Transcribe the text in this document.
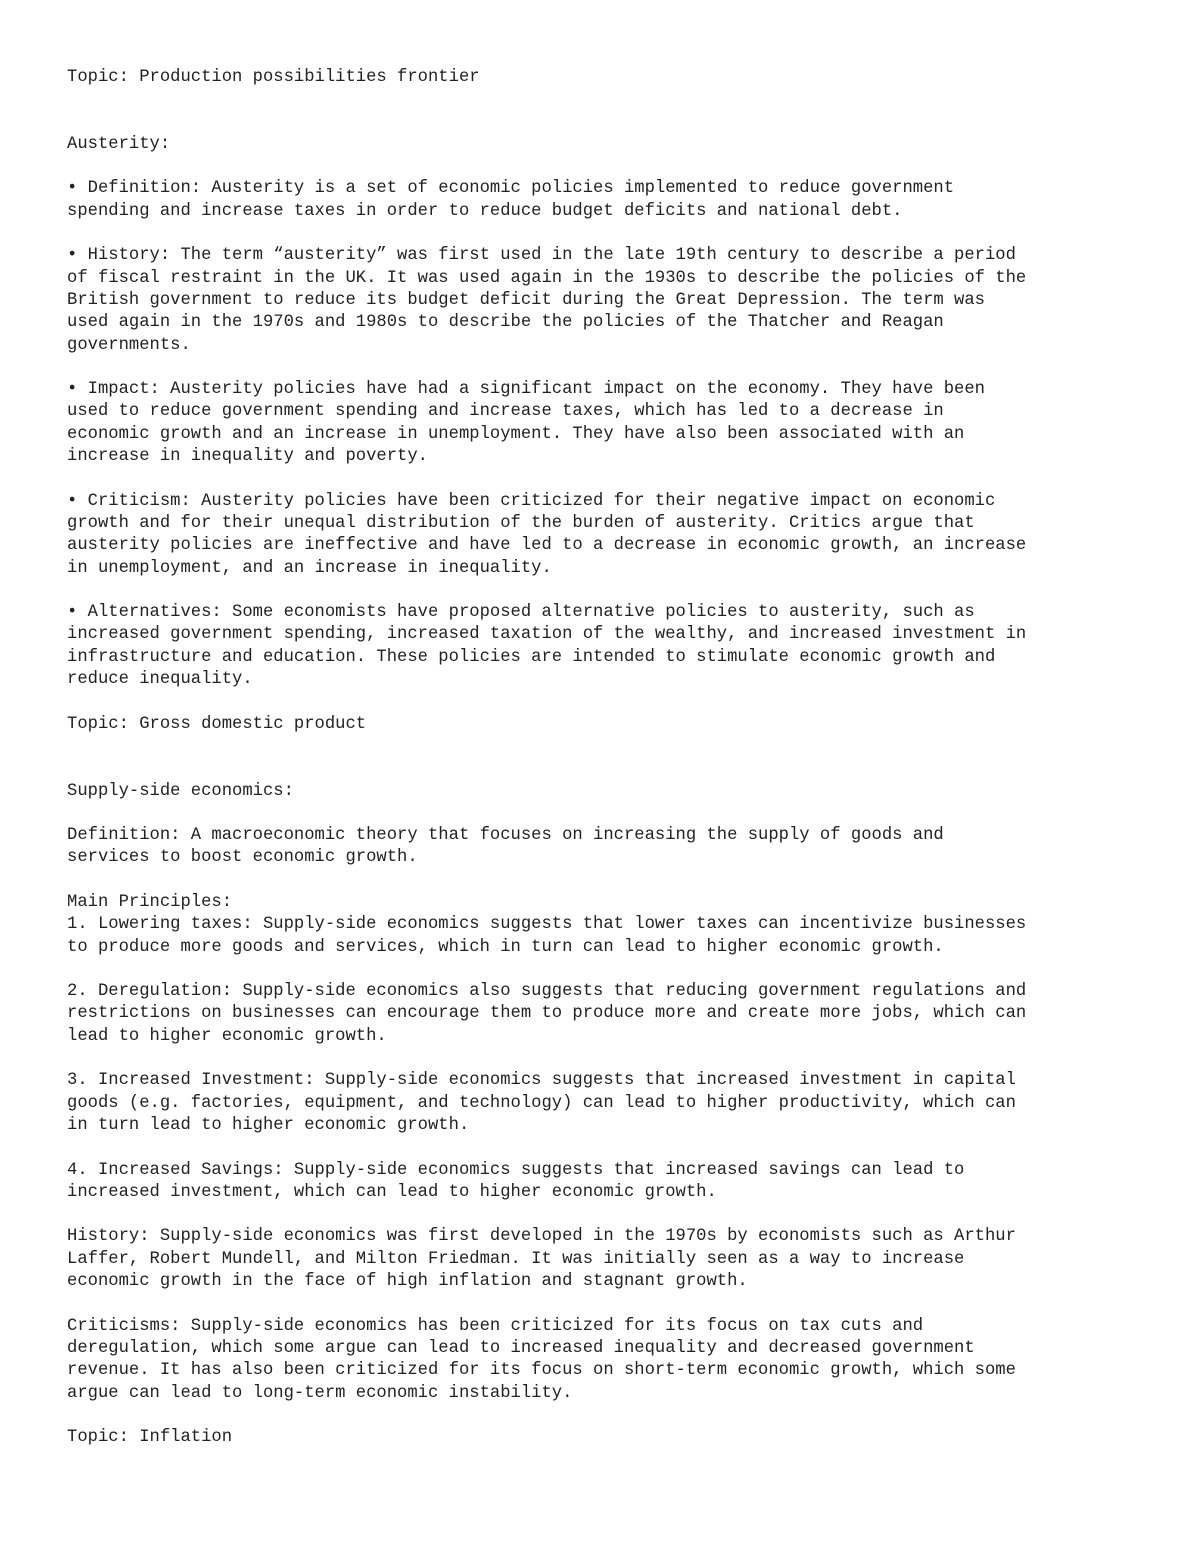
Topic: Production possibilities frontier

Austerity:

• Definition: Austerity is a set of economic policies implemented to reduce government
spending and increase taxes in order to reduce budget deficits and national debt.

• History: The term “austerity” was first used in the late 19th century to describe a period
of fiscal restraint in the UK. It was used again in the 1930s to describe the policies of the
British government to reduce its budget deficit during the Great Depression. The term was
used again in the 1970s and 1980s to describe the policies of the Thatcher and Reagan
governments.

• Impact: Austerity policies have had a significant impact on the economy. They have been
used to reduce government spending and increase taxes, which has led to a decrease in
economic growth and an increase in unemployment. They have also been associated with an
increase in inequality and poverty.

• Criticism: Austerity policies have been criticized for their negative impact on economic
growth and for their unequal distribution of the burden of austerity. Critics argue that
austerity policies are ineffective and have led to a decrease in economic growth, an increase
in unemployment, and an increase in inequality.

• Alternatives: Some economists have proposed alternative policies to austerity, such as
increased government spending, increased taxation of the wealthy, and increased investment in
infrastructure and education. These policies are intended to stimulate economic growth and
reduce inequality.

Topic: Gross domestic product

Supply-side economics:

Definition: A macroeconomic theory that focuses on increasing the supply of goods and
services to boost economic growth.

Main Principles:

1. Lowering taxes: Supply-side economics suggests that lower taxes can incentivize businesses
to produce more goods and services, which in turn can lead to higher economic growth.

2. Deregulation: Supply-side economics also suggests that reducing government regulations and
restrictions on businesses can encourage them to produce more and create more jobs, which can
lead to higher economic growth.

3. Increased Investment: Supply-side economics suggests that increased investment in capital
goods (e.g. factories, equipment, and technology) can lead to higher productivity, which can
in turn lead to higher economic growth.

4. Increased Savings: Supply-side economics suggests that increased savings can lead to
increased investment, which can lead to higher economic growth.

History: Supply-side economics was first developed in the 1970s by economists such as Arthur
Laffer, Robert Mundell, and Milton Friedman. It was initially seen as a way to increase
economic growth in the face of high inflation and stagnant growth.

Criticisms: Supply-side economics has been criticized for its focus on tax cuts and
deregulation, which some argue can lead to increased inequality and decreased government
revenue. It has also been criticized for its focus on short-term economic growth, which some
argue can lead to long-term economic instability.

Topic: Inflation
